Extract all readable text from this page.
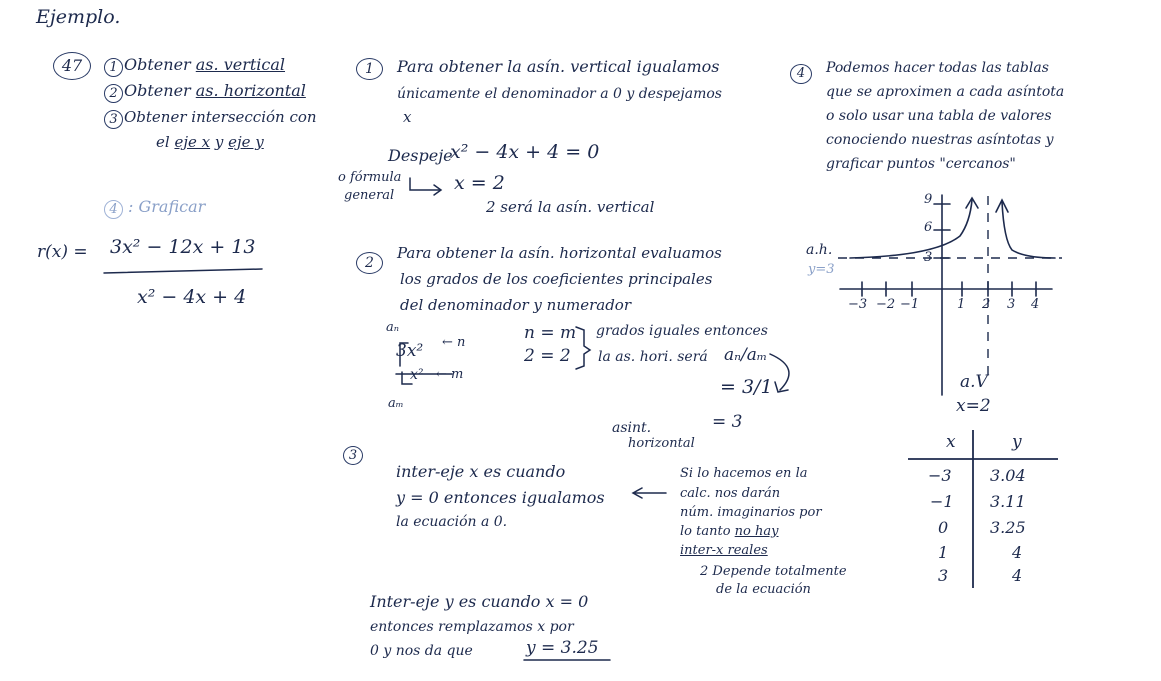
Ejemplo.
47	1 Obtener as. vertical
2 Obtener as. horizontal
3 Obtener intersección con
el eje x y eje y
4 : Graficar
r(x) = 3x² − 12x + 13
x² − 4x + 4
1	Para obtener la asín. vertical igualamos
únicamente el denominador a 0 y despejamos
x
Despeje
x² − 4x + 4 = 0
o fórmula
general
x = 2
2 será la asín. vertical
2
Para obtener la asín. horizontal evaluamos
los grados de los coeficientes principales
del denominador y numerador
aₙ
3x² ← n
x² ← m
aₘ
n = m
2 = 2
grados iguales entonces
la as. hori. será aₙ/aₘ
= 3/1
asint.
horizontal
= 3
3
inter-eje x es cuando
y = 0 entonces igualamos
la ecuación a 0.
Si lo hacemos en la
calc. nos darán
núm. imaginarios por
lo tanto no hay
inter-x reales
2 Depende totalmente
de la ecuación
Inter-eje y es cuando x = 0
entonces remplazamos x por
0 y nos da que	y = 3.25
4	Podemos hacer todas las tablas
que se aproximen a cada asíntota
o solo usar una tabla de valores
conociendo nuestras asíntotas y
graficar puntos "cercanos"
9
6
3
−3 −2 −1	1 2 3 4
a.h.
y=3
a.V
x=2
x	y
−3 3.04
−1 3.11
0	3.25
1	4
3	4
